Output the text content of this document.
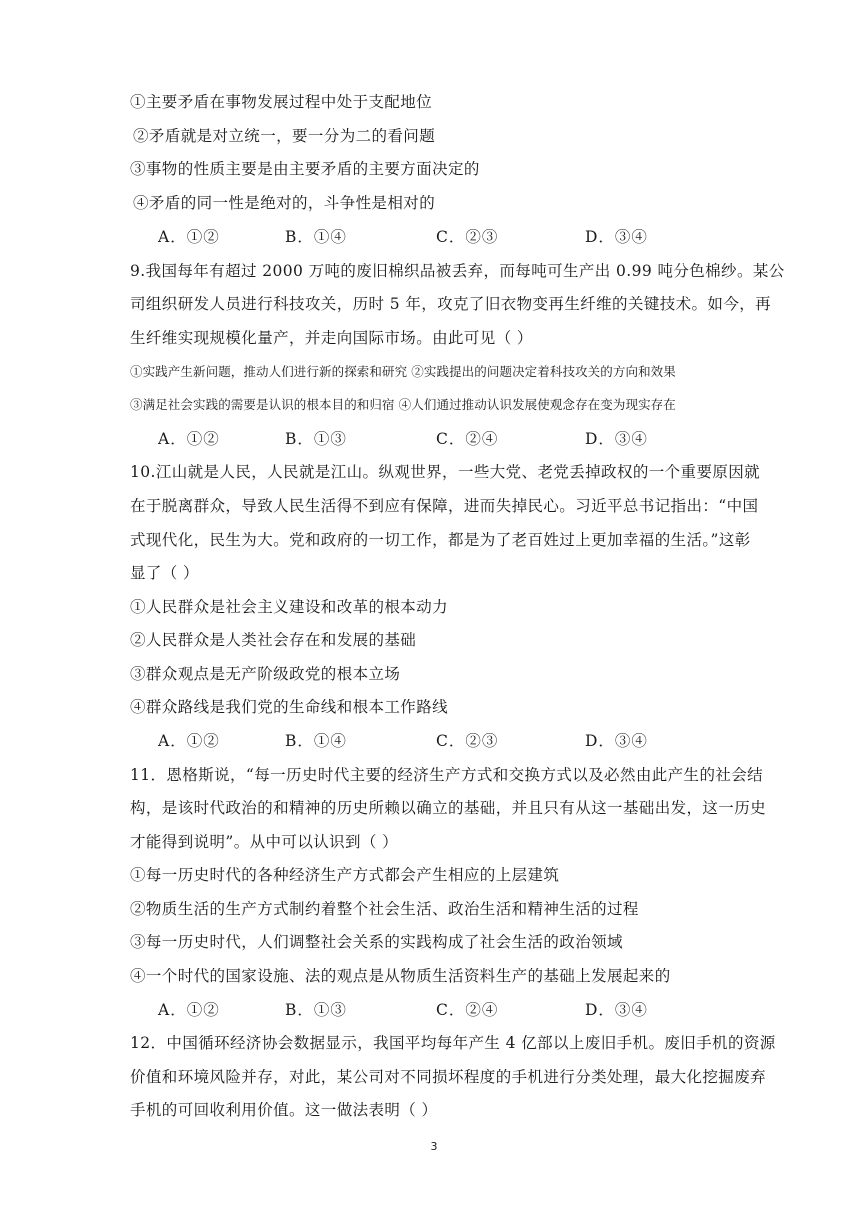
①主要矛盾在事物发展过程中处于支配地位
②矛盾就是对立统一，要一分为二的看问题
③事物的性质主要是由主要矛盾的主要方面决定的
④矛盾的同一性是绝对的，斗争性是相对的
A．①②	B．①④	C．②③	D．③④
9.我国每年有超过 2000 万吨的废旧棉织品被丢弃，而每吨可生产出 0.99 吨分色棉纱。某公
司组织研发人员进行科技攻关，历时 5 年，攻克了旧衣物变再生纤维的关键技术。如今，再
生纤维实现规模化量产，并走向国际市场。由此可见（ ）
①实践产生新问题，推动人们进行新的探索和研究 ②实践提出的问题决定着科技攻关的方向和效果
③满足社会实践的需要是认识的根本目的和归宿 ④人们通过推动认识发展使观念存在变为现实存在
A．①②	B．①③	C．②④	D．③④
10.江山就是人民，人民就是江山。纵观世界，一些大党、老党丢掉政权的一个重要原因就
在于脱离群众，导致人民生活得不到应有保障，进而失掉民心。习近平总书记指出：“中国
式现代化，民生为大。党和政府的一切工作，都是为了老百姓过上更加幸福的生活。”这彰
显了（ ）
①人民群众是社会主义建设和改革的根本动力
②人民群众是人类社会存在和发展的基础
③群众观点是无产阶级政党的根本立场
④群众路线是我们党的生命线和根本工作路线
A．①②	B．①④	C．②③	D．③④
11．恩格斯说，“每一历史时代主要的经济生产方式和交换方式以及必然由此产生的社会结
构，是该时代政治的和精神的历史所赖以确立的基础，并且只有从这一基础出发，这一历史
才能得到说明”。从中可以认识到（ ）
①每一历史时代的各种经济生产方式都会产生相应的上层建筑
②物质生活的生产方式制约着整个社会生活、政治生活和精神生活的过程
③每一历史时代，人们调整社会关系的实践构成了社会生活的政治领域
④一个时代的国家设施、法的观点是从物质生活资料生产的基础上发展起来的
A．①②	B．①③	C．②④	D．③④
12．中国循环经济协会数据显示，我国平均每年产生 4 亿部以上废旧手机。废旧手机的资源
价值和环境风险并存，对此，某公司对不同损坏程度的手机进行分类处理，最大化挖掘废弃
手机的可回收利用价值。这一做法表明（ ）
3
